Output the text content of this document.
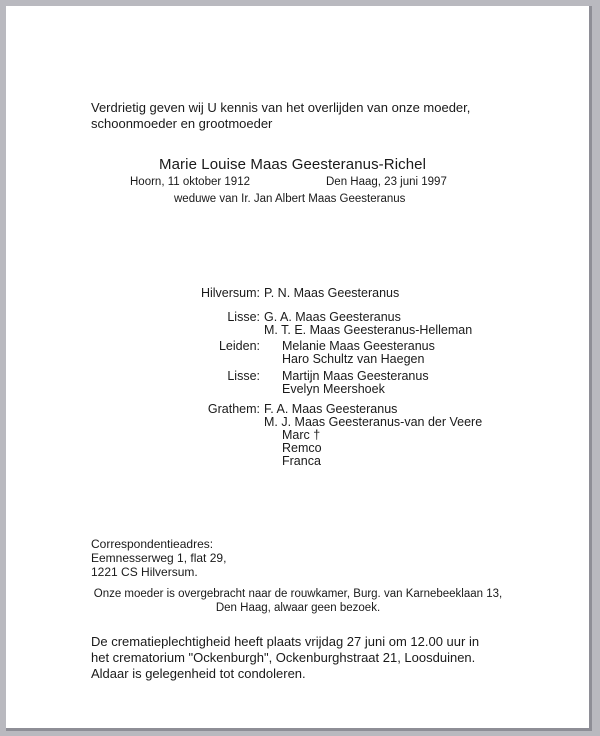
Verdrietig geven wij U kennis van het overlijden van onze moeder,
schoonmoeder en grootmoeder
Marie Louise Maas Geesteranus-Richel
Hoorn, 11 oktober 1912	Den Haag, 23 juni 1997
weduwe van Ir. Jan Albert Maas Geesteranus
Hilversum: P. N. Maas Geesteranus
Lisse: G. A. Maas Geesteranus
M. T. E. Maas Geesteranus-Helleman
Leiden: Melanie Maas Geesteranus
Haro Schultz van Haegen
Lisse: Martijn Maas Geesteranus
Evelyn Meershoek
Grathem: F. A. Maas Geesteranus
M. J. Maas Geesteranus-van der Veere
Marc †
Remco
Franca
Correspondentieadres:
Eemnesserweg 1, flat 29,
1221 CS Hilversum.
Onze moeder is overgebracht naar de rouwkamer, Burg. van Karnebeeklaan 13,
Den Haag, alwaar geen bezoek.
De crematieplechtigheid heeft plaats vrijdag 27 juni om 12.00 uur in
het crematorium "Ockenburgh", Ockenburghstraat 21, Loosduinen.
Aldaar is gelegenheid tot condoleren.
